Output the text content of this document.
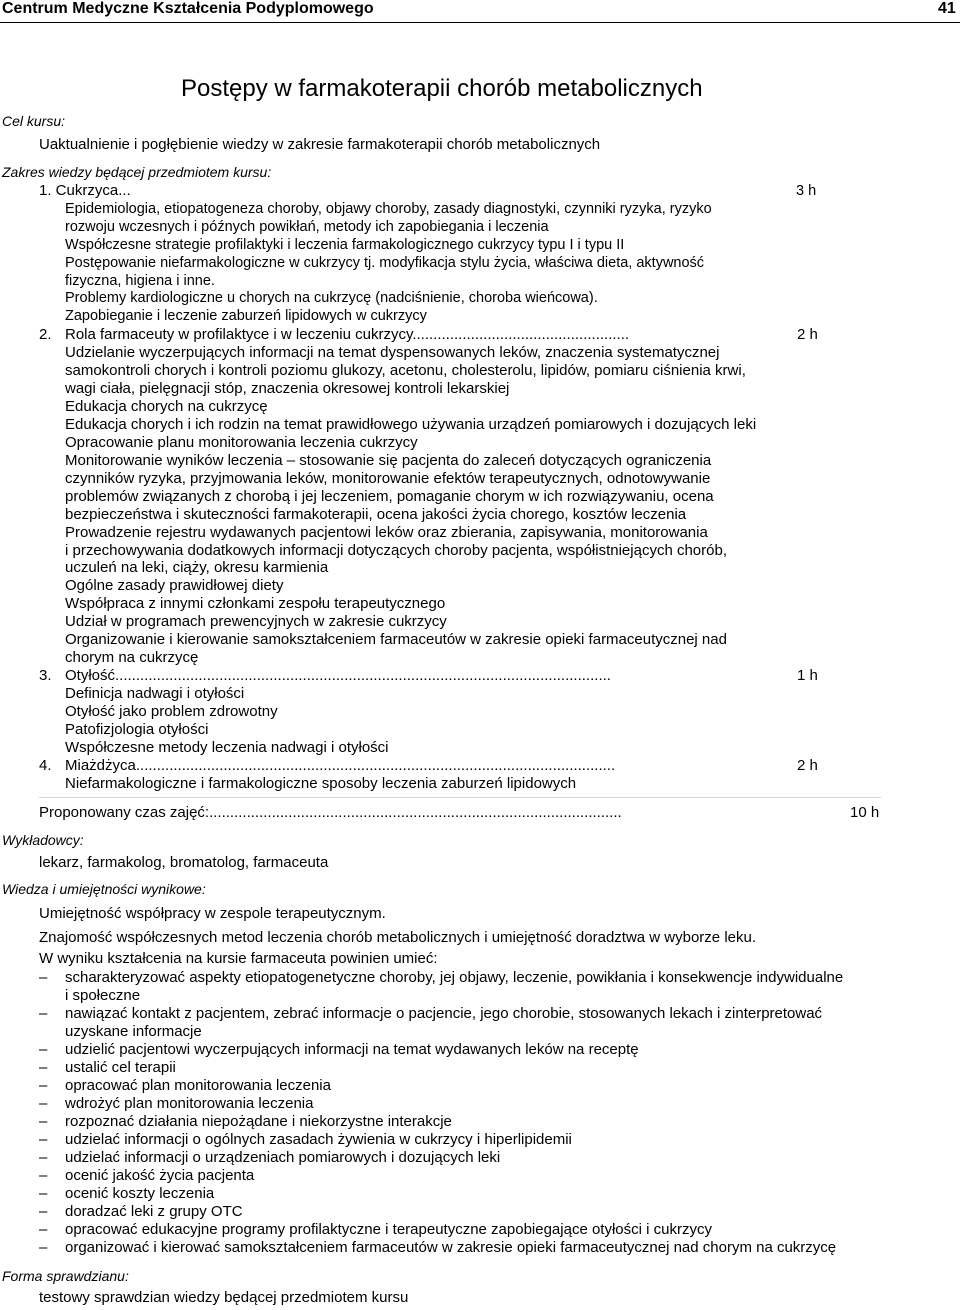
Centrum Medyczne Kształcenia Podyplomowego	41
Postępy w farmakoterapii chorób metabolicznych
Cel kursu:
Uaktualnienie i pogłębienie wiedzy w zakresie farmakoterapii chorób metabolicznych
Zakres wiedzy będącej przedmiotem kursu:
1. Cukrzyca...	3 h
Epidemiologia, etiopatogeneza choroby, objawy choroby, zasady diagnostyki, czynniki ryzyka, ryzyko
rozwoju wczesnych i późnych powikłań, metody ich zapobiegania i leczenia
Współczesne strategie profilaktyki i leczenia farmakologicznego cukrzycy typu I i typu II
Postępowanie niefarmakologiczne w cukrzycy tj. modyfikacja stylu życia, właściwa dieta, aktywność
fizyczna, higiena i inne.
Problemy kardiologiczne u chorych na cukrzycę (nadciśnienie, choroba wieńcowa).
Zapobieganie i leczenie zaburzeń lipidowych w cukrzycy
2. Rola farmaceuty w profilaktyce i w leczeniu cukrzycy....................................................	2 h
Udzielanie wyczerpujących informacji na temat dyspensowanych leków, znaczenia systematycznej
samokontroli chorych i kontroli poziomu glukozy, acetonu, cholesterolu, lipidów, pomiaru ciśnienia krwi,
wagi ciała, pielęgnacji stóp, znaczenia okresowej kontroli lekarskiej
Edukacja chorych na cukrzycę
Edukacja chorych i ich rodzin na temat prawidłowego używania urządzeń pomiarowych i dozujących leki
Opracowanie planu monitorowania leczenia cukrzycy
Monitorowanie wyników leczenia – stosowanie się pacjenta do zaleceń dotyczących ograniczenia
czynników ryzyka, przyjmowania leków, monitorowanie efektów terapeutycznych, odnotowywanie
problemów związanych z chorobą i jej leczeniem, pomaganie chorym w ich rozwiązywaniu, ocena
bezpieczeństwa i skuteczności farmakoterapii, ocena jakości życia chorego, kosztów leczenia
Prowadzenie rejestru wydawanych pacjentowi leków oraz zbierania, zapisywania, monitorowania
i przechowywania dodatkowych informacji dotyczących choroby pacjenta, współistniejących chorób,
uczuleń na leki, ciąży, okresu karmienia
Ogólne zasady prawidłowej diety
Współpraca z innymi członkami zespołu terapeutycznego
Udział w programach prewencyjnych w zakresie cukrzycy
Organizowanie i kierowanie samokształceniem farmaceutów w zakresie opieki farmaceutycznej nad
chorym na cukrzycę
3. Otyłość.......................................................................................................................	1 h
Definicja nadwagi i otyłości
Otyłość jako problem zdrowotny
Patofizjologia otyłości
Współczesne metody leczenia nadwagi i otyłości
4. Miażdżyca...................................................................................................................	2 h
Niefarmakologiczne i farmakologiczne sposoby leczenia zaburzeń lipidowych
Proponowany czas zajęć:...................................................................................................	10 h
Wykładowcy:
lekarz, farmakolog, bromatolog, farmaceuta
Wiedza i umiejętności wynikowe:
Umiejętność współpracy w zespole terapeutycznym.
Znajomość współczesnych metod leczenia chorób metabolicznych i umiejętność doradztwa w wyborze leku.
W wyniku kształcenia na kursie farmaceuta powinien umieć:
– scharakteryzować aspekty etiopatogenetyczne choroby, jej objawy, leczenie, powikłania i konsekwencje indywidualne
i społeczne
– nawiązać kontakt z pacjentem, zebrać informacje o pacjencie, jego chorobie, stosowanych lekach i zinterpretować
uzyskane informacje
– udzielić pacjentowi wyczerpujących informacji na temat wydawanych leków na receptę
– ustalić cel terapii
– opracować plan monitorowania leczenia
– wdrożyć plan monitorowania leczenia
– rozpoznać działania niepożądane i niekorzystne interakcje
– udzielać informacji o ogólnych zasadach żywienia w cukrzycy i hiperlipidemii
– udzielać informacji o urządzeniach pomiarowych i dozujących leki
– ocenić jakość życia pacjenta
– ocenić koszty leczenia
– doradzać leki z grupy OTC
– opracować edukacyjne programy profilaktyczne i terapeutyczne zapobiegające otyłości i cukrzycy
– organizować i kierować samokształceniem farmaceutów w zakresie opieki farmaceutycznej nad chorym na cukrzycę
Forma sprawdzianu:
testowy sprawdzian wiedzy będącej przedmiotem kursu
